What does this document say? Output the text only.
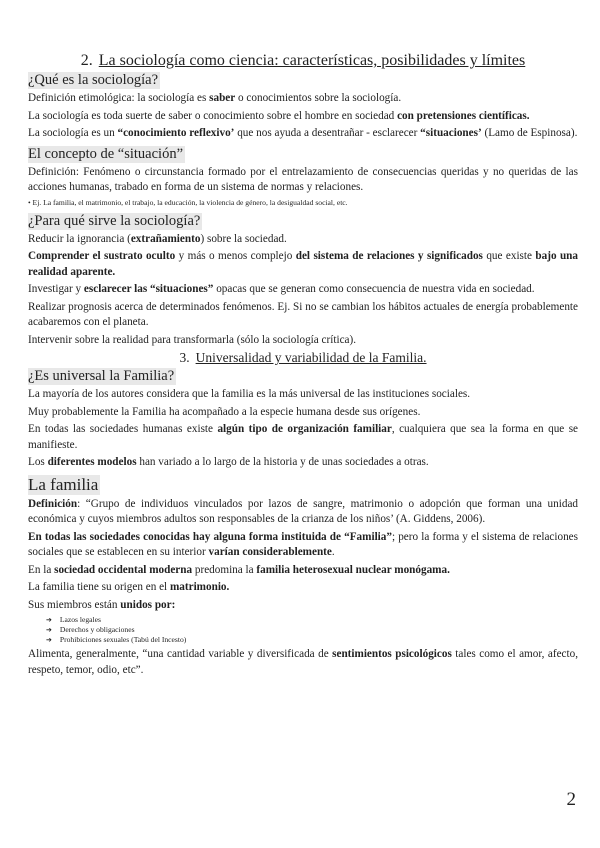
2. La sociología como ciencia: características, posibilidades y límites
¿Qué es la sociología?

Definición etimológica: la sociología es saber o conocimientos sobre la sociología.

La sociología es toda suerte de saber o conocimiento sobre el hombre en sociedad con pretensiones científicas.

La sociología es un “conocimiento reflexivo’ que nos ayuda a desentrañar - esclarecer “situaciones’ (Lamo de Espinosa).

El concepto de “situación”

Definición: Fenómeno o circunstancia formado por el entrelazamiento de consecuencias queridas y no queridas de las acciones humanas, trabado en forma de un sistema de normas y relaciones.

• Ej. La familia, el matrimonio, el trabajo, la educación, la violencia de género, la desigualdad social, etc.

¿Para qué sirve la sociología?

Reducir la ignorancia (extrañamiento) sobre la sociedad.

Comprender el sustrato oculto y más o menos complejo del sistema de relaciones y significados que existe bajo una realidad aparente.

Investigar y esclarecer las “situaciones” opacas que se generan como consecuencia de nuestra vida en sociedad.

Realizar prognosis acerca de determinados fenómenos. Ej. Si no se cambian los hábitos actuales de energía probablemente acabaremos con el planeta.

Intervenir sobre la realidad para transformarla (sólo la sociología crítica).

3. Universalidad y variabilidad de la Familia.
¿Es universal la Familia?

La mayoría de los autores considera que la familia es la más universal de las instituciones sociales.

Muy probablemente la Familia ha acompañado a la especie humana desde sus orígenes.

En todas las sociedades humanas existe algún tipo de organización familiar, cualquiera que sea la forma en que se manifieste.

Los diferentes modelos han variado a lo largo de la historia y de unas sociedades a otras.

La familia

Definición: “Grupo de individuos vinculados por lazos de sangre, matrimonio o adopción que forman una unidad económica y cuyos miembros adultos son responsables de la crianza de los niños’ (A. Giddens, 2006).

En todas las sociedades conocidas hay alguna forma instituida de “Familia”; pero la forma y el sistema de relaciones sociales que se establecen en su interior varían considerablemente.

En la sociedad occidental moderna predomina la familia heterosexual nuclear monógama.

La familia tiene su origen en el matrimonio.

Sus miembros están unidos por:

➔ Lazos legales
➔ Derechos y obligaciones
➔ Prohibiciones sexuales (Tabú del Incesto)

Alimenta, generalmente, “una cantidad variable y diversificada de sentimientos psicológicos tales como el amor, afecto, respeto, temor, odio, etc”.

2
